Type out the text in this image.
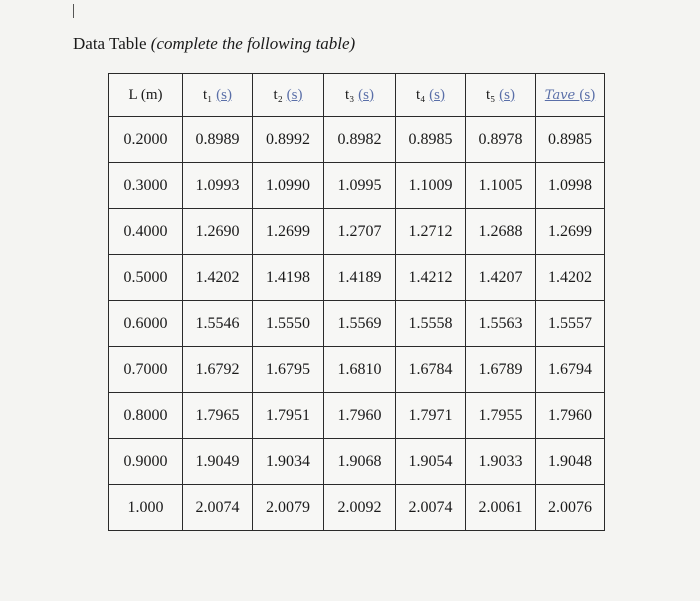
Data Table (complete the following table)
L (m)	t₁ (s)	t₂ (s)	t₃ (s)	t₄ (s)	t₅ (s)	Tave (s)
0.2000	0.8989	0.8992	0.8982	0.8985	0.8978	0.8985
0.3000	1.0993	1.0990	1.0995	1.1009	1.1005	1.0998
0.4000	1.2690	1.2699	1.2707	1.2712	1.2688	1.2699
0.5000	1.4202	1.4198	1.4189	1.4212	1.4207	1.4202
0.6000	1.5546	1.5550	1.5569	1.5558	1.5563	1.5557
0.7000	1.6792	1.6795	1.6810	1.6784	1.6789	1.6794
0.8000	1.7965	1.7951	1.7960	1.7971	1.7955	1.7960
0.9000	1.9049	1.9034	1.9068	1.9054	1.9033	1.9048
1.000	2.0074	2.0079	2.0092	2.0074	2.0061	2.0076
